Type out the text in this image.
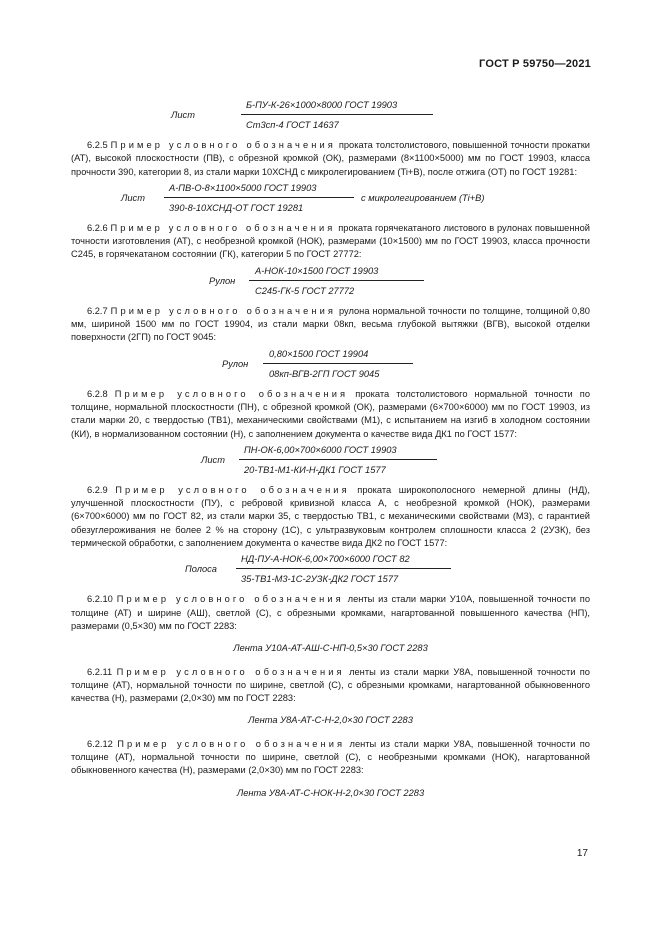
ГОСТ Р 59750—2021
Лист
Б-ПУ-К-26×1000×8000 ГОСТ 19903
Ст3сп-4 ГОСТ 14637

6.2.5 Пример условного обозначения проката толстолистового, повышенной точности прокатки (АТ), высокой плоскостности (ПВ), с обрезной кромкой (ОК), размерами (8×1100×5000) мм по ГОСТ 19903, класса прочности 390, категории 8, из стали марки 10ХСНД с микролегированием (Ti+B), после отжига (ОТ) по ГОСТ 19281:

Лист
А-ПВ-О-8×1100×5000 ГОСТ 19903
390-8-10ХСНД-ОТ ГОСТ 19281
с микролегированием (Ti+B)

6.2.6 Пример условного обозначения проката горячекатаного листового в рулонах повышенной точности изготовления (АТ), с необрезной кромкой (НОК), размерами (10×1500) мм по ГОСТ 19903, класса прочности С245, в горячекатаном состоянии (ГК), категории 5 по ГОСТ 27772:

Рулон
А-НОК-10×1500 ГОСТ 19903
С245-ГК-5 ГОСТ 27772

6.2.7 Пример условного обозначения рулона нормальной точности по толщине, толщиной 0,80 мм, шириной 1500 мм по ГОСТ 19904, из стали марки 08кп, весьма глубокой вытяжки (ВГВ), высокой отделки поверхности (2ГП) по ГОСТ 9045:

Рулон
0,80×1500 ГОСТ 19904
08кп-ВГВ-2ГП ГОСТ 9045

6.2.8 Пример условного обозначения проката толстолистового нормальной точности по толщине, нормальной плоскостности (ПН), с обрезной кромкой (ОК), размерами (6×700×6000) мм по ГОСТ 19903, из стали марки 20, с твердостью (ТВ1), механическими свойствами (М1), с испытанием на изгиб в холодном состоянии (КИ), в нормализованном состоянии (Н), с заполнением документа о качестве вида ДК1 по ГОСТ 1577:

Лист
ПН-ОК-6,00×700×6000 ГОСТ 19903
20-ТВ1-М1-КИ-Н-ДК1 ГОСТ 1577

6.2.9 Пример условного обозначения проката широкополосного немерной длины (НД), улучшенной плоскостности (ПУ), с ребровой кривизной класса А, с необрезной кромкой (НОК), размерами (6×700×6000) мм по ГОСТ 82, из стали марки 35, с твердостью ТВ1, с механическими свойствами (М3), с гарантией обезуглероживания не более 2 % на сторону (1С), с ультразвуковым контролем сплошности класса 2 (2УЗК), без термической обработки, с заполнением документа о качестве вида ДК2 по ГОСТ 1577:

Полоса
НД-ПУ-А-НОК-6,00×700×6000 ГОСТ 82
35-ТВ1-М3-1С-2УЗК-ДК2 ГОСТ 1577

6.2.10 Пример условного обозначения ленты из стали марки У10А, повышенной точности по толщине (АТ) и ширине (АШ), светлой (С), с обрезными кромками, нагартованной повышенного качества (НП), размерами (0,5×30) мм по ГОСТ 2283:

Лента У10А-АТ-АШ-С-НП-0,5×30 ГОСТ 2283

6.2.11 Пример условного обозначения ленты из стали марки У8А, повышенной точности по толщине (АТ), нормальной точности по ширине, светлой (С), с обрезными кромками, нагартованной обыкновенного качества (Н), размерами (2,0×30) мм по ГОСТ 2283:

Лента У8А-АТ-С-Н-2,0×30 ГОСТ 2283

6.2.12 Пример условного обозначения ленты из стали марки У8А, повышенной точности по толщине (АТ), нормальной точности по ширине, светлой (С), с необрезными кромками (НОК), нагартованной обыкновенного качества (Н), размерами (2,0×30) мм по ГОСТ 2283:

Лента У8А-АТ-С-НОК-Н-2,0×30 ГОСТ 2283
17
